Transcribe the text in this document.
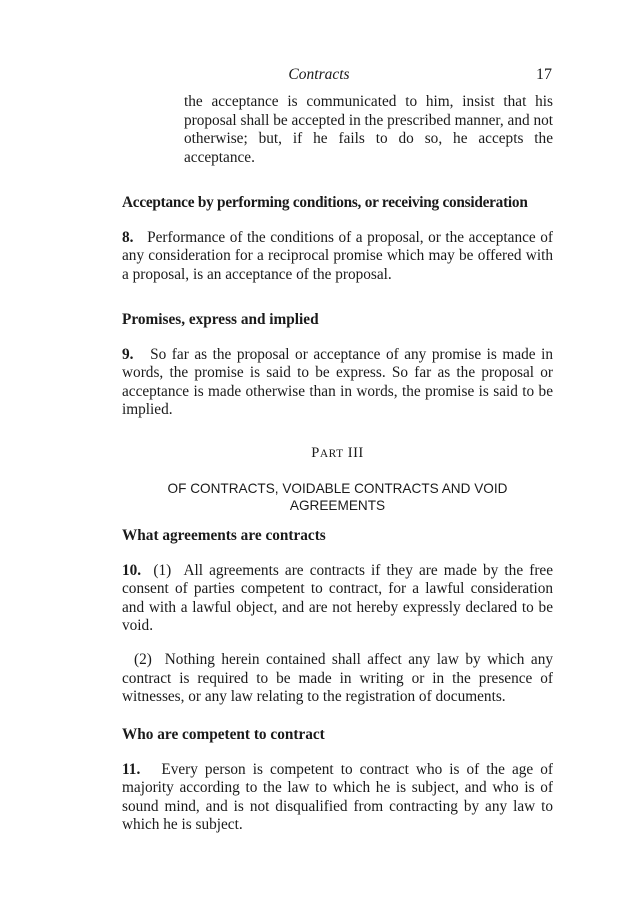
Contracts	17

the acceptance is communicated to him, insist that his proposal shall be accepted in the prescribed manner, and not otherwise; but, if he fails to do so, he accepts the acceptance.

Acceptance by performing conditions, or receiving consideration

8. Performance of the conditions of a proposal, or the acceptance of any consideration for a reciprocal promise which may be offered with a proposal, is an acceptance of the proposal.

Promises, express and implied

9. So far as the proposal or acceptance of any promise is made in words, the promise is said to be express. So far as the proposal or acceptance is made otherwise than in words, the promise is said to be implied.

PART III
OF CONTRACTS, VOIDABLE CONTRACTS AND VOID
AGREEMENTS

What agreements are contracts

10. (1) All agreements are contracts if they are made by the free consent of parties competent to contract, for a lawful consideration and with a lawful object, and are not hereby expressly declared to be void.

(2) Nothing herein contained shall affect any law by which any contract is required to be made in writing or in the presence of witnesses, or any law relating to the registration of documents.

Who are competent to contract

11. Every person is competent to contract who is of the age of majority according to the law to which he is subject, and who is of sound mind, and is not disqualified from contracting by any law to which he is subject.
